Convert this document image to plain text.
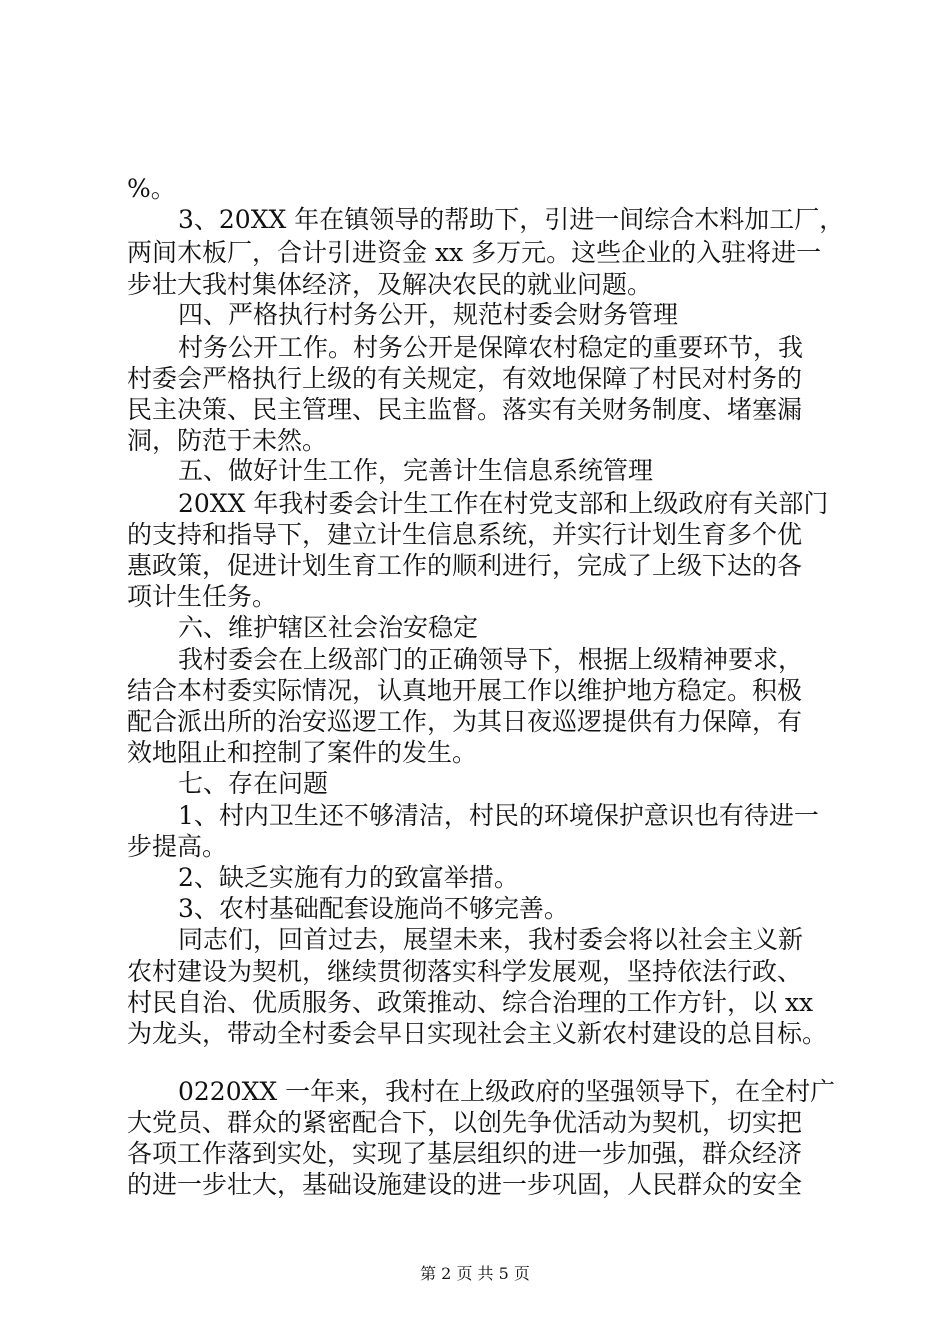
%。
3、20XX 年在镇领导的帮助下，引进一间综合木料加工厂，
两间木板厂，合计引进资金 xx 多万元。这些企业的入驻将进一
步壮大我村集体经济，及解决农民的就业问题。
四、严格执行村务公开，规范村委会财务管理
村务公开工作。村务公开是保障农村稳定的重要环节，我
村委会严格执行上级的有关规定，有效地保障了村民对村务的
民主决策、民主管理、民主监督。落实有关财务制度、堵塞漏
洞，防范于未然。
五、做好计生工作，完善计生信息系统管理
20XX 年我村委会计生工作在村党支部和上级政府有关部门
的支持和指导下，建立计生信息系统，并实行计划生育多个优
惠政策，促进计划生育工作的顺利进行，完成了上级下达的各
项计生任务。
六、维护辖区社会治安稳定
我村委会在上级部门的正确领导下，根据上级精神要求，
结合本村委实际情况，认真地开展工作以维护地方稳定。积极
配合派出所的治安巡逻工作，为其日夜巡逻提供有力保障，有
效地阻止和控制了案件的发生。
七、存在问题
1、村内卫生还不够清洁，村民的环境保护意识也有待进一
步提高。
2、缺乏实施有力的致富举措。
3、农村基础配套设施尚不够完善。
同志们，回首过去，展望未来，我村委会将以社会主义新
农村建设为契机，继续贯彻落实科学发展观，坚持依法行政、
村民自治、优质服务、政策推动、综合治理的工作方针，以 xx
为龙头，带动全村委会早日实现社会主义新农村建设的总目标。
0220XX 一年来，我村在上级政府的坚强领导下，在全村广
大党员、群众的紧密配合下，以创先争优活动为契机，切实把
各项工作落到实处，实现了基层组织的进一步加强，群众经济
的进一步壮大，基础设施建设的进一步巩固，人民群众的安全
第 2 页 共 5 页
